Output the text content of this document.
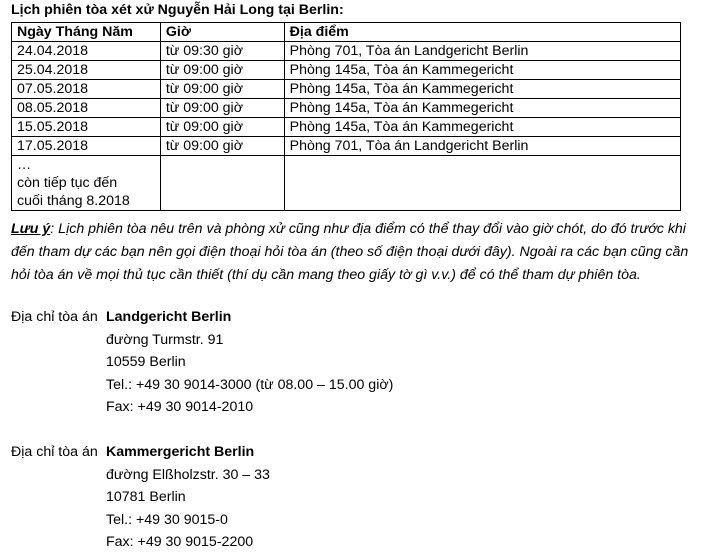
Lịch phiên tòa xét xử Nguyễn Hải Long tại Berlin:
Ngày Tháng Năm	Giờ	Địa điểm
24.04.2018	từ 09:30 giờ	Phòng 701, Tòa án Landgericht Berlin
25.04.2018	từ 09:00 giờ	Phòng 145a, Tòa án Kammegericht
07.05.2018	từ 09:00 giờ	Phòng 145a, Tòa án Kammegericht
08.05.2018	từ 09:00 giờ	Phòng 145a, Tòa án Kammegericht
15.05.2018	từ 09:00 giờ	Phòng 145a, Tòa án Kammegericht
17.05.2018	từ 09:00 giờ	Phòng 701, Tòa án Landgericht Berlin

…
còn tiếp tục đến
cuối tháng 8.2018		

Lưu ý: Lịch phiên tòa nêu trên và phòng xử cũng như địa điểm có thể thay đổi vào giờ chót, do đó trước khi đến tham dự các bạn nên gọi điện thoại hỏi tòa án (theo số điện thoại dưới đây). Ngoài ra các bạn cũng cần hỏi tòa án về mọi thủ tục cần thiết (thí dụ cần mang theo giấy tờ gì v.v.) để có thể tham dự phiên tòa.
Địa chỉ tòa án Landgericht Berlin
đường Turmstr. 91
10559 Berlin
Tel.: +49 30 9014-3000 (từ 08.00 – 15.00 giờ)
Fax: +49 30 9014-2010
Địa chỉ tòa án Kammergericht Berlin
đường Elßholzstr. 30 – 33
10781 Berlin
Tel.: +49 30 9015-0
Fax: +49 30 9015-2200
